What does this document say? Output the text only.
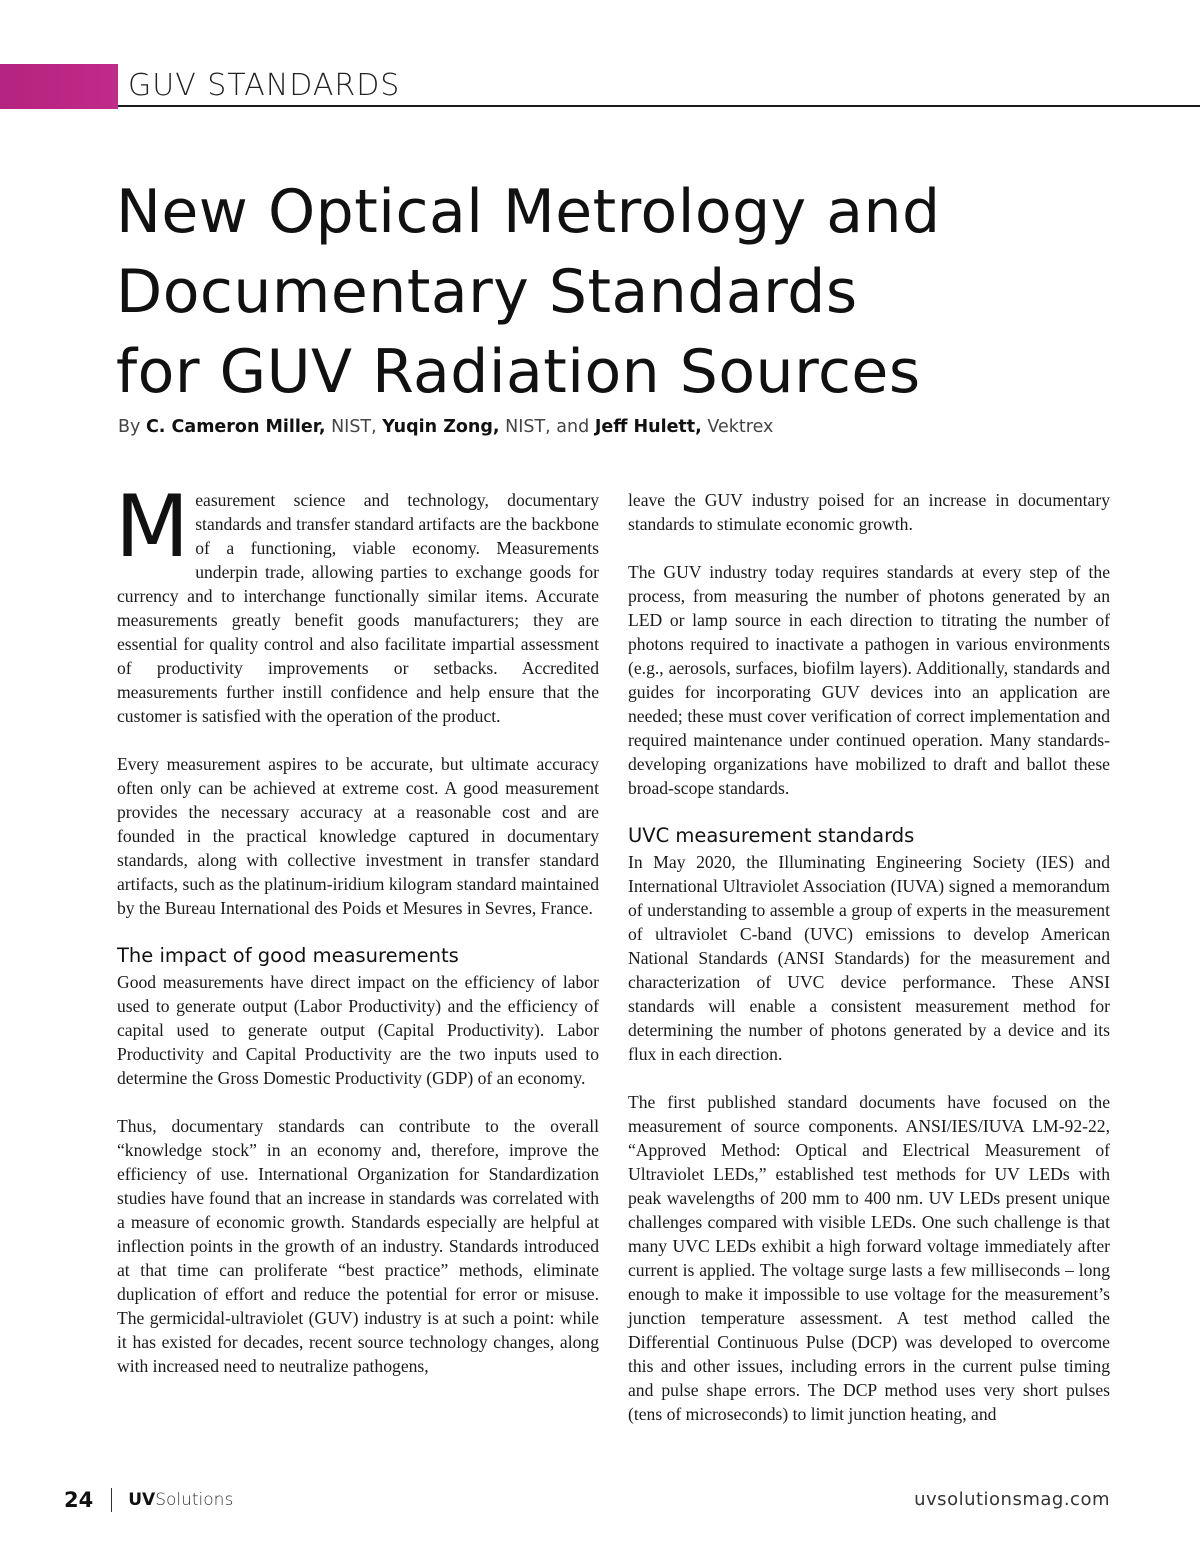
GUV STANDARDS
New Optical Metrology and
Documentary Standards
for GUV Radiation Sources
By C. Cameron Miller, NIST, Yuqin Zong, NIST, and Jeff Hulett, Vektrex

Measurement science and technology, documentary standards and transfer standard artifacts are the backbone of a functioning, viable economy. Measurements underpin trade, allowing parties to exchange goods for currency and to interchange functionally similar items. Accurate measurements greatly benefit goods manufacturers; they are essential for quality control and also facilitate impartial assessment of productivity improvements or setbacks. Accredited measurements further instill confidence and help ensure that the customer is satisfied with the operation of the product.

Every measurement aspires to be accurate, but ultimate accuracy often only can be achieved at extreme cost. A good measurement provides the necessary accuracy at a reasonable cost and are founded in the practical knowledge captured in documentary standards, along with collective investment in transfer standard artifacts, such as the platinum-iridium kilogram standard maintained by the Bureau International des Poids et Mesures in Sevres, France.

The impact of good measurements

Good measurements have direct impact on the efficiency of labor used to generate output (Labor Productivity) and the efficiency of capital used to generate output (Capital Productivity). Labor Productivity and Capital Productivity are the two inputs used to determine the Gross Domestic Productivity (GDP) of an economy.

Thus, documentary standards can contribute to the overall “knowledge stock” in an economy and, therefore, improve the efficiency of use. International Organization for Standardization studies have found that an increase in standards was correlated with a measure of economic growth. Standards especially are helpful at inflection points in the growth of an industry. Standards introduced at that time can proliferate “best practice” methods, eliminate duplication of effort and reduce the potential for error or misuse. The germicidal-ultraviolet (GUV) industry is at such a point: while it has existed for decades, recent source technology changes, along with increased need to neutralize pathogens,

leave the GUV industry poised for an increase in documentary standards to stimulate economic growth.

The GUV industry today requires standards at every step of the process, from measuring the number of photons generated by an LED or lamp source in each direction to titrating the number of photons required to inactivate a pathogen in various environments (e.g., aerosols, surfaces, biofilm layers). Additionally, standards and guides for incorporating GUV devices into an application are needed; these must cover verification of correct implementation and required maintenance under continued operation. Many standards-developing organizations have mobilized to draft and ballot these broad-scope standards.

UVC measurement standards

In May 2020, the Illuminating Engineering Society (IES) and International Ultraviolet Association (IUVA) signed a memorandum of understanding to assemble a group of experts in the measurement of ultraviolet C-band (UVC) emissions to develop American National Standards (ANSI Standards) for the measurement and characterization of UVC device performance. These ANSI standards will enable a consistent measurement method for determining the number of photons generated by a device and its flux in each direction.

The first published standard documents have focused on the measurement of source components. ANSI/IES/IUVA LM-92-22, “Approved Method: Optical and Electrical Measurement of Ultraviolet LEDs,” established test methods for UV LEDs with peak wavelengths of 200 mm to 400 nm. UV LEDs present unique challenges compared with visible LEDs. One such challenge is that many UVC LEDs exhibit a high forward voltage immediately after current is applied. The voltage surge lasts a few milliseconds – long enough to make it impossible to use voltage for the measurement’s junction temperature assessment. A test method called the Differential Continuous Pulse (DCP) was developed to overcome this and other issues, including errors in the current pulse timing and pulse shape errors. The DCP method uses very short pulses (tens of microseconds) to limit junction heating, and

24 UV Solutions	uvsolutionsmag.com
